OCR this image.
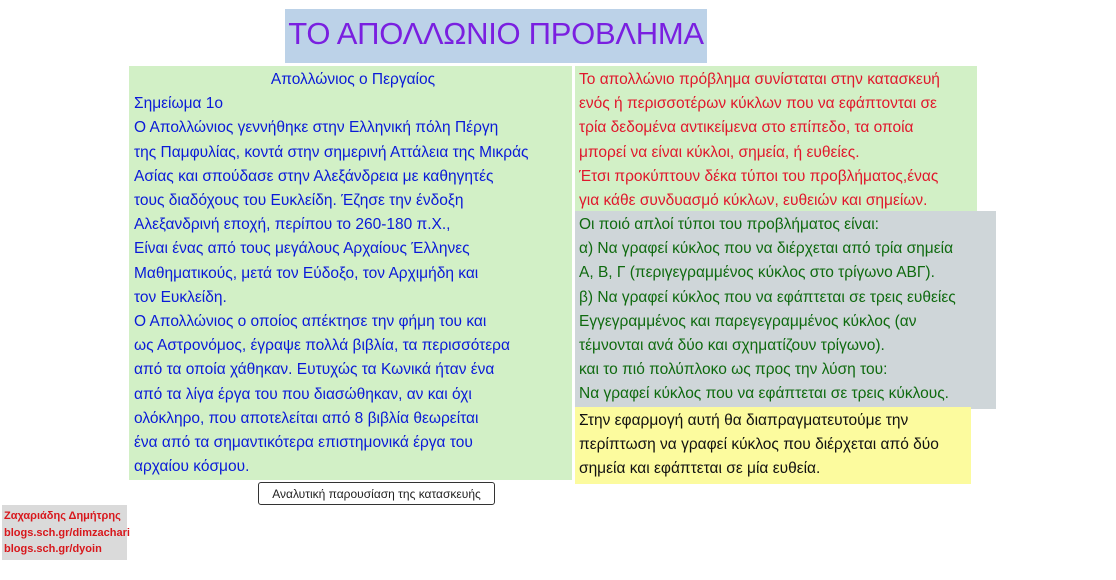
ΤΟ ΑΠΟΛΛΩΝΙΟ ΠΡΟΒΛΗΜΑ
Απολλώνιος ο Περγαίος
Σημείωμα 1ο
Ο Απολλώνιος γεννήθηκε στην Ελληνική πόλη Πέργη
της Παμφυλίας, κοντά στην σημερινή Αττάλεια της Μικράς
Ασίας και σπούδασε στην Αλεξάνδρεια με καθηγητές
τους διαδόχους του Ευκλείδη. Έζησε την ένδοξη
Αλεξανδρινή εποχή, περίπου το 260-180 π.Χ.,
Είναι ένας από τους μεγάλους Αρχαίους Έλληνες
Μαθηματικούς, μετά τον Εύδοξο, τον Αρχιμήδη και
τον Ευκλείδη.
Ο Απολλώνιος ο οποίος απέκτησε την φήμη του και
ως Αστρονόμος, έγραψε πολλά βιβλία, τα περισσότερα
από τα οποία χάθηκαν. Ευτυχώς τα Κωνικά ήταν ένα
από τα λίγα έργα του που διασώθηκαν, αν και όχι
ολόκληρο, που αποτελείται από 8 βιβλία θεωρείται
ένα από τα σημαντικότερα επιστημονικά έργα του
αρχαίου κόσμου.
Το απολλώνιο πρόβλημα συνίσταται στην κατασκευή
ενός ή περισσοτέρων κύκλων που να εφάπτονται σε
τρία δεδομένα αντικείμενα στο επίπεδο, τα οποία
μπορεί να είναι κύκλοι, σημεία, ή ευθείες.
Έτσι προκύπτουν δέκα τύποι του προβλήματος,ένας
για κάθε συνδυασμό κύκλων, ευθειών και σημείων.
Οι ποιό απλοί τύποι του προβλήματος είναι:
α) Να γραφεί κύκλος που να διέρχεται από τρία σημεία
Α, Β, Γ (περιγεγραμμένος κύκλος στο τρίγωνο ΑΒΓ).
β) Να γραφεί κύκλος που να εφάπτεται σε τρεις ευθείες
Εγγεγραμμένος και παρεγεγραμμένος κύκλος (αν
τέμνονται ανά δύο και σχηματίζουν τρίγωνο).
και το πιό πολύπλοκο ως προς την λύση του:
Να γραφεί κύκλος που να εφάπτεται σε τρεις κύκλους.
Στην εφαρμογή αυτή θα διαπραγματευτούμε την
περίπτωση να γραφεί κύκλος που διέρχεται από δύο
σημεία και εφάπτεται σε μία ευθεία.
Αναλυτική παρουσίαση της κατασκευής
Ζαχαριάδης Δημήτρης
blogs.sch.gr/dimzachari
blogs.sch.gr/dyoin
